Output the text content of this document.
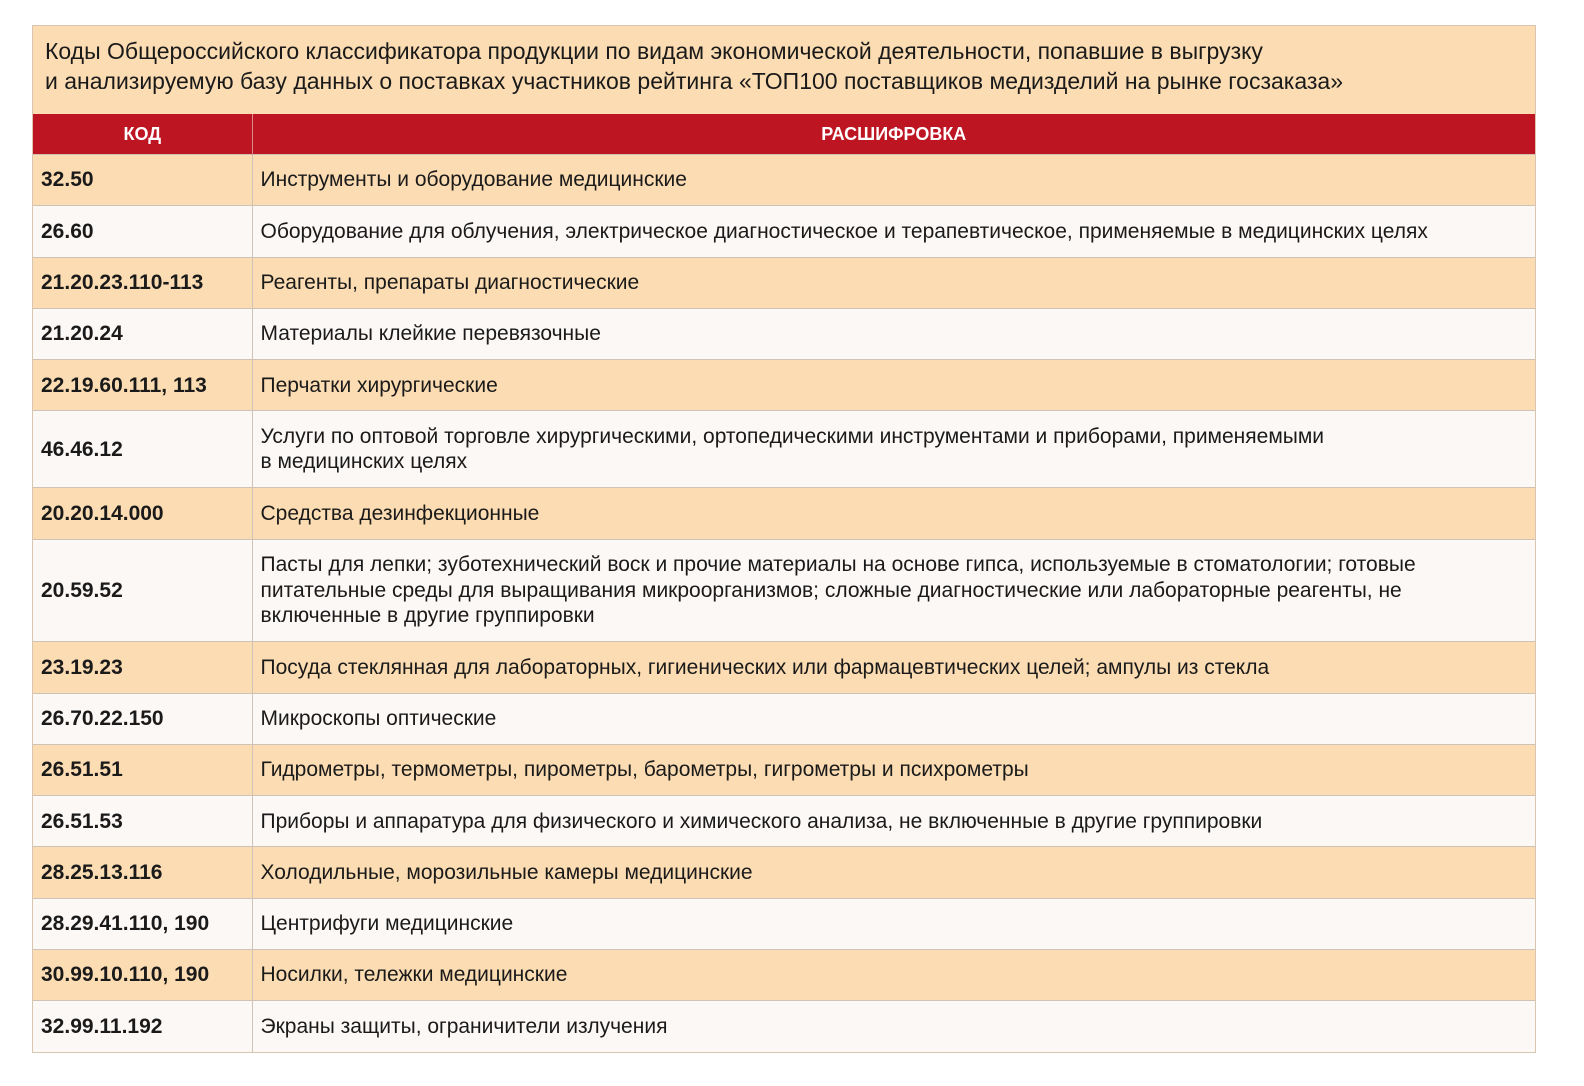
Коды Общероссийского классификатора продукции по видам экономической деятельности, попавшие в выгрузку
и анализируемую базу данных о поставках участников рейтинга «ТОП100 поставщиков медизделий на рынке госзаказа»
КОД	РАСШИФРОВКА
32.50	Инструменты и оборудование медицинские
26.60	Оборудование для облучения, электрическое диагностическое и терапевтическое, применяемые в медицинских целях
21.20.23.110-113	Реагенты, препараты диагностические
21.20.24	Материалы клейкие перевязочные
22.19.60.111, 113	Перчатки хирургические
46.46.12	Услуги по оптовой торговле хирургическими, ортопедическими инструментами и приборами, применяемыми
в медицинских целях
20.20.14.000	Средства дезинфекционные
20.59.52	Пасты для лепки; зуботехнический воск и прочие материалы на основе гипса, используемые в стоматологии; готовые
питательные среды для выращивания микроорганизмов; сложные диагностические или лабораторные реагенты, не
включенные в другие группировки
23.19.23	Посуда стеклянная для лабораторных, гигиенических или фармацевтических целей; ампулы из стекла
26.70.22.150	Микроскопы оптические
26.51.51	Гидрометры, термометры, пирометры, барометры, гигрометры и психрометры
26.51.53	Приборы и аппаратура для физического и химического анализа, не включенные в другие группировки
28.25.13.116	Холодильные, морозильные камеры медицинские
28.29.41.110, 190	Центрифуги медицинские
30.99.10.110, 190	Носилки, тележки медицинские
32.99.11.192	Экраны защиты, ограничители излучения
